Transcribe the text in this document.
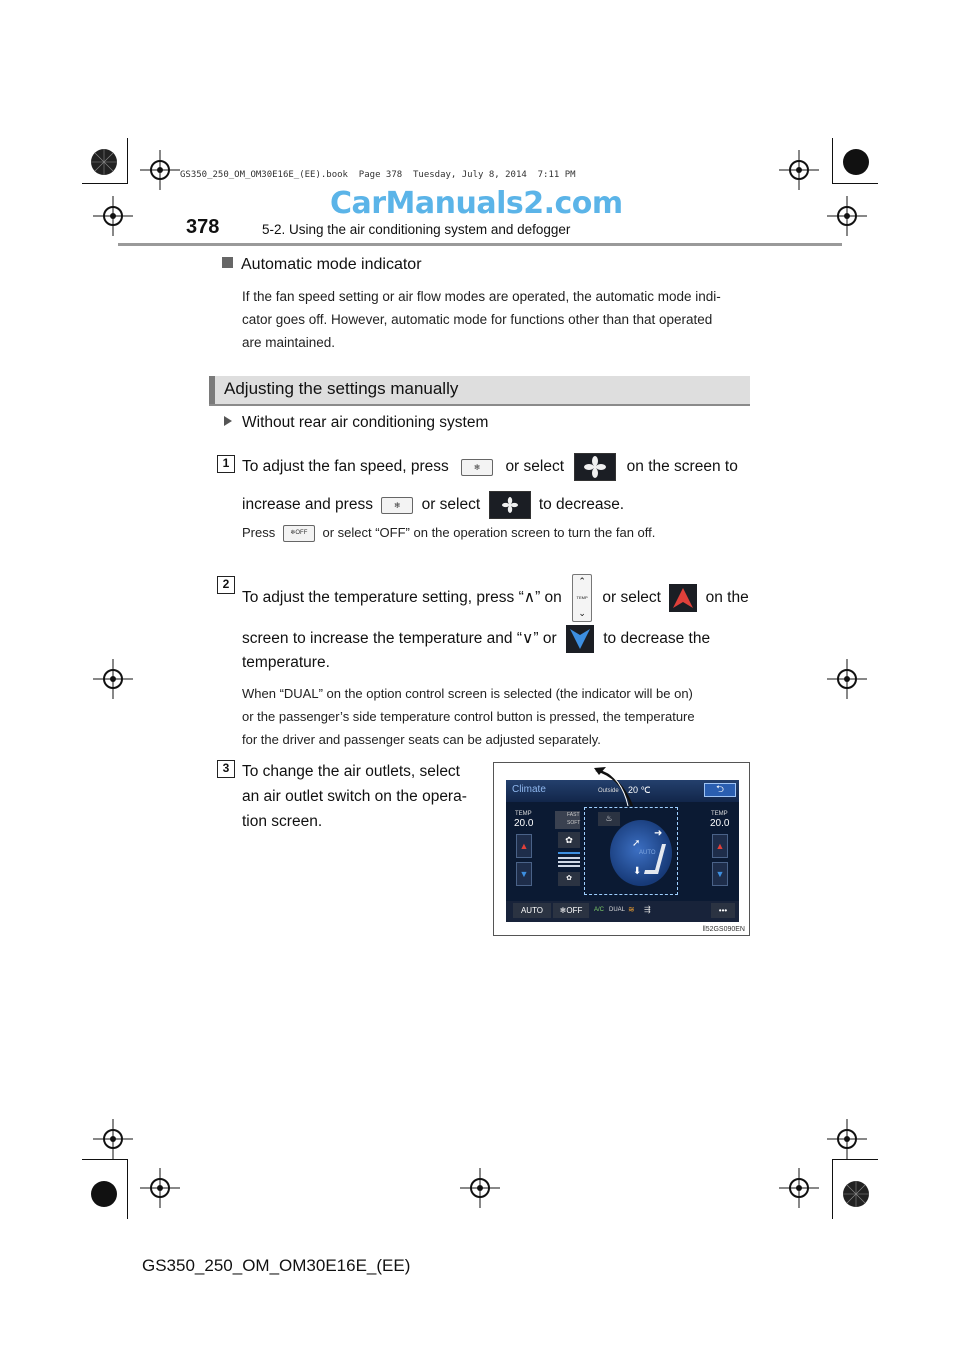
GS350_250_OM_OM30E16E_(EE).book  Page 378  Tuesday, July 8, 2014  7:11 PM
CarManuals2.com
378	5-2. Using the air conditioning system and defogger
Automatic mode indicator
If the fan speed setting or air flow modes are operated, the automatic mode indi-
cator goes off. However, automatic mode for functions other than that operated
are maintained.
Adjusting the settings manually
Without rear air conditioning system
1 To adjust the fan speed, press	❄ or select	on the screen to
increase and press	❄ or select	to decrease.
Press	❄OFF or select “OFF” on the operation screen to turn the fan off.
2
To adjust the temperature setting, press “∧” on
⌃
TEMP
⌄
or select	on the
screen to increase the temperature and “∨” or	to decrease the
temperature.
When “DUAL” on the option control screen is selected (the indicator will be on)
or the passenger’s side temperature control button is pressed, the temperature
for the driver and passenger seats can be adjusted separately.
3 To change the air outlets, select
an air outlet switch on the opera-
tion screen.
Climate	Outside 20 ℃	⮌
TEMP
20.0
▲
▼
FAST
SOFT
✿
✿
♨
➜
➚
⬇
AUTO
TEMP
20.0
▲
▼
AUTO	❄OFF	A/C DUAL ≋ ⇶	•••
ll52GS090EN
GS350_250_OM_OM30E16E_(EE)
